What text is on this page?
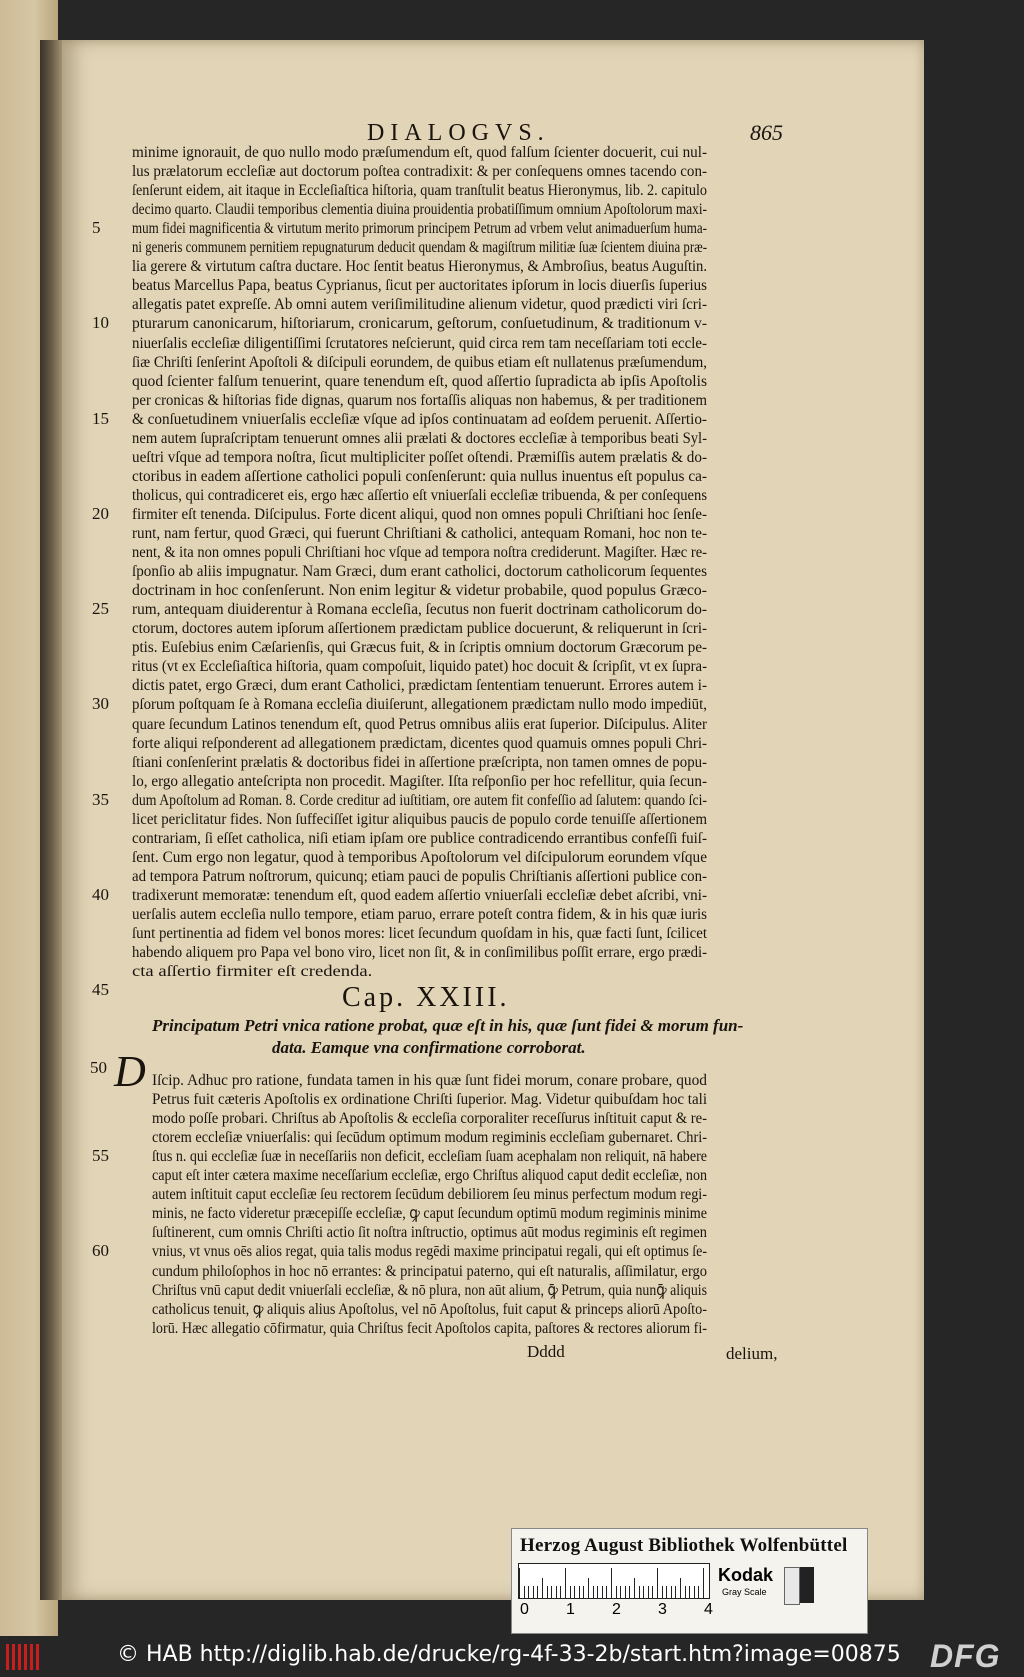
DIALOGVS.	865
minime ignorauit, de quo nullo modo præſumendum eſt, quod falſum ſcienter docuerit, cui nul-
lus prælatorum eccleſiæ aut doctorum poſtea contradixit: & per conſequens omnes tacendo con-
ſenſerunt eidem, ait itaque in Eccleſiaſtica hiſtoria, quam tranſtulit beatus Hieronymus, lib. 2. capitulo
decimo quarto. Claudii temporibus clementia diuina prouidentia probatiſſimum omnium Apoſtolorum maxi-
5 mum fidei magnificentia & virtutum merito primorum principem Petrum ad vrbem velut animaduerſum huma-
ni generis communem pernitiem repugnaturum deducit quendam & magiſtrum militiæ ſuæ ſcientem diuina præ-
lia gerere & virtutum caſtra ductare. Hoc ſentit beatus Hieronymus, & Ambroſius, beatus Auguſtin.
beatus Marcellus Papa, beatus Cyprianus, ſicut per auctoritates ipſorum in locis diuerſis ſuperius
allegatis patet expreſſe. Ab omni autem veriſimilitudine alienum videtur, quod prædicti viri ſcri-
10 pturarum canonicarum, hiſtoriarum, cronicarum, geſtorum, conſuetudinum, & traditionum v-
niuerſalis eccleſiæ diligentiſſimi ſcrutatores neſcierunt, quid circa rem tam neceſſariam toti eccle-
ſiæ Chriſti ſenſerint Apoſtoli & diſcipuli eorundem, de quibus etiam eſt nullatenus præſumendum,
quod ſcienter falſum tenuerint, quare tenendum eſt, quod aſſertio ſupradicta ab ipſis Apoſtolis
per cronicas & hiſtorias fide dignas, quarum nos fortaſſis aliquas non habemus, & per traditionem
15 & conſuetudinem vniuerſalis eccleſiæ vſque ad ipſos continuatam ad eoſdem peruenit. Aſſertio-
nem autem ſupraſcriptam tenuerunt omnes alii prælati & doctores eccleſiæ à temporibus beati Syl-
ueſtri vſque ad tempora noſtra, ſicut multipliciter poſſet oſtendi. Præmiſſis autem prælatis & do-
ctoribus in eadem aſſertione catholici populi conſenſerunt: quia nullus inuentus eſt populus ca-
tholicus, qui contradiceret eis, ergo hæc aſſertio eſt vniuerſali eccleſiæ tribuenda, & per conſequens
20 firmiter eſt tenenda. Diſcipulus. Forte dicent aliqui, quod non omnes populi Chriſtiani hoc ſenſe-
runt, nam fertur, quod Græci, qui fuerunt Chriſtiani & catholici, antequam Romani, hoc non te-
nent, & ita non omnes populi Chriſtiani hoc vſque ad tempora noſtra crediderunt. Magiſter. Hæc re-
ſponſio ab aliis impugnatur. Nam Græci, dum erant catholici, doctorum catholicorum ſequentes
doctrinam in hoc conſenſerunt. Non enim legitur & videtur probabile, quod populus Græco-
25 rum, antequam diuiderentur à Romana eccleſia, ſecutus non fuerit doctrinam catholicorum do-
ctorum, doctores autem ipſorum aſſertionem prædictam publice docuerunt, & reliquerunt in ſcri-
ptis. Euſebius enim Cæſarienſis, qui Græcus fuit, & in ſcriptis omnium doctorum Græcorum pe-
ritus (vt ex Eccleſiaſtica hiſtoria, quam compoſuit, liquido patet) hoc docuit & ſcripſit, vt ex ſupra-
dictis patet, ergo Græci, dum erant Catholici, prædictam ſententiam tenuerunt. Errores autem i-
30 pſorum poſtquam ſe à Romana eccleſia diuiſerunt, allegationem prædictam nullo modo impediūt,
quare ſecundum Latinos tenendum eſt, quod Petrus omnibus aliis erat ſuperior. Diſcipulus. Aliter
forte aliqui reſponderent ad allegationem prædictam, dicentes quod quamuis omnes populi Chri-
ſtiani conſenſerint prælatis & doctoribus fidei in aſſertione præſcripta, non tamen omnes de popu-
lo, ergo allegatio anteſcripta non procedit. Magiſter. Iſta reſponſio per hoc refellitur, quia ſecun-
35 dum Apoſtolum ad Roman. 8. Corde creditur ad iuſtitiam, ore autem fit confeſſio ad ſalutem: quando ſci-
licet periclitatur fides. Non ſuffeciſſet igitur aliquibus paucis de populo corde tenuiſſe aſſertionem
contrariam, ſi eſſet catholica, niſi etiam ipſam ore publice contradicendo errantibus confeſſi fuiſ-
ſent. Cum ergo non legatur, quod à temporibus Apoſtolorum vel diſcipulorum eorundem vſque
ad tempora Patrum noſtrorum, quicunq; etiam pauci de populis Chriſtianis aſſertioni publice con-
40 tradixerunt memoratæ: tenendum eſt, quod eadem aſſertio vniuerſali eccleſiæ debet aſcribi, vni-
uerſalis autem eccleſia nullo tempore, etiam paruo, errare poteſt contra fidem, & in his quæ iuris
ſunt pertinentia ad fidem vel bonos mores: licet ſecundum quoſdam in his, quæ facti ſunt, ſcilicet
habendo aliquem pro Papa vel bono viro, licet non ſit, & in conſimilibus poſſit errare, ergo prædi-
cta aſſertio firmiter eſt credenda.
45	Cap. XXIII.
Principatum Petri vnica ratione probat, quæ eſt in his, quæ ſunt fidei & morum fun-
data. Eamque vna confirmatione corroborat.
50 D Iſcip. Adhuc pro ratione, fundata tamen in his quæ ſunt fidei morum, conare probare, quod
Petrus fuit cæteris Apoſtolis ex ordinatione Chriſti ſuperior. Mag. Videtur quibuſdam hoc tali
modo poſſe probari. Chriſtus ab Apoſtolis & eccleſia corporaliter receſſurus inſtituit caput & re-
ctorem eccleſiæ vniuerſalis: qui ſecūdum optimum modum regiminis eccleſiam gubernaret. Chri-
55	ſtus n. qui eccleſiæ ſuæ in neceſſariis non deficit, eccleſiam ſuam acephalam non reliquit, nā habere
caput eſt inter cætera maxime neceſſarium eccleſiæ, ergo Chriſtus aliquod caput dedit eccleſiæ, non
autem inſtituit caput eccleſiæ ſeu rectorem ſecūdum debiliorem ſeu minus perfectum modum regi-
minis, ne facto videretur præcepiſſe eccleſiæ, ꝙ caput ſecundum optimū modum regiminis minime
ſuſtinerent, cum omnis Chriſti actio ſit noſtra inſtructio, optimus aūt modus regiminis eſt regimen
60	vnius, vt vnus oēs alios regat, quia talis modus regēdi maxime principatui regali, qui eſt optimus ſe-
cundum philoſophos in hoc nō errantes: & principatui paterno, qui eſt naturalis, aſſimilatur, ergo
Chriſtus vnū caput dedit vniuerſali eccleſiæ, & nō plura, non aūt alium, ꝙ̄ Petrum, quia nunꝙ̄ aliquis
catholicus tenuit, ꝙ aliquis alius Apoſtolus, vel nō Apoſtolus, fuit caput & princeps aliorū Apoſto-
lorū. Hæc allegatio cōfirmatur, quia Chriſtus fecit Apoſtolos capita, paſtores & rectores aliorum fi-
Dddd	delium,
Herzog August Bibliothek Wolfenbüttel
0 1 2 3 4
Kodak
Gray Scale
© HAB http://diglib.hab.de/drucke/rg-4f-33-2b/start.htm?image=00875 DFG
